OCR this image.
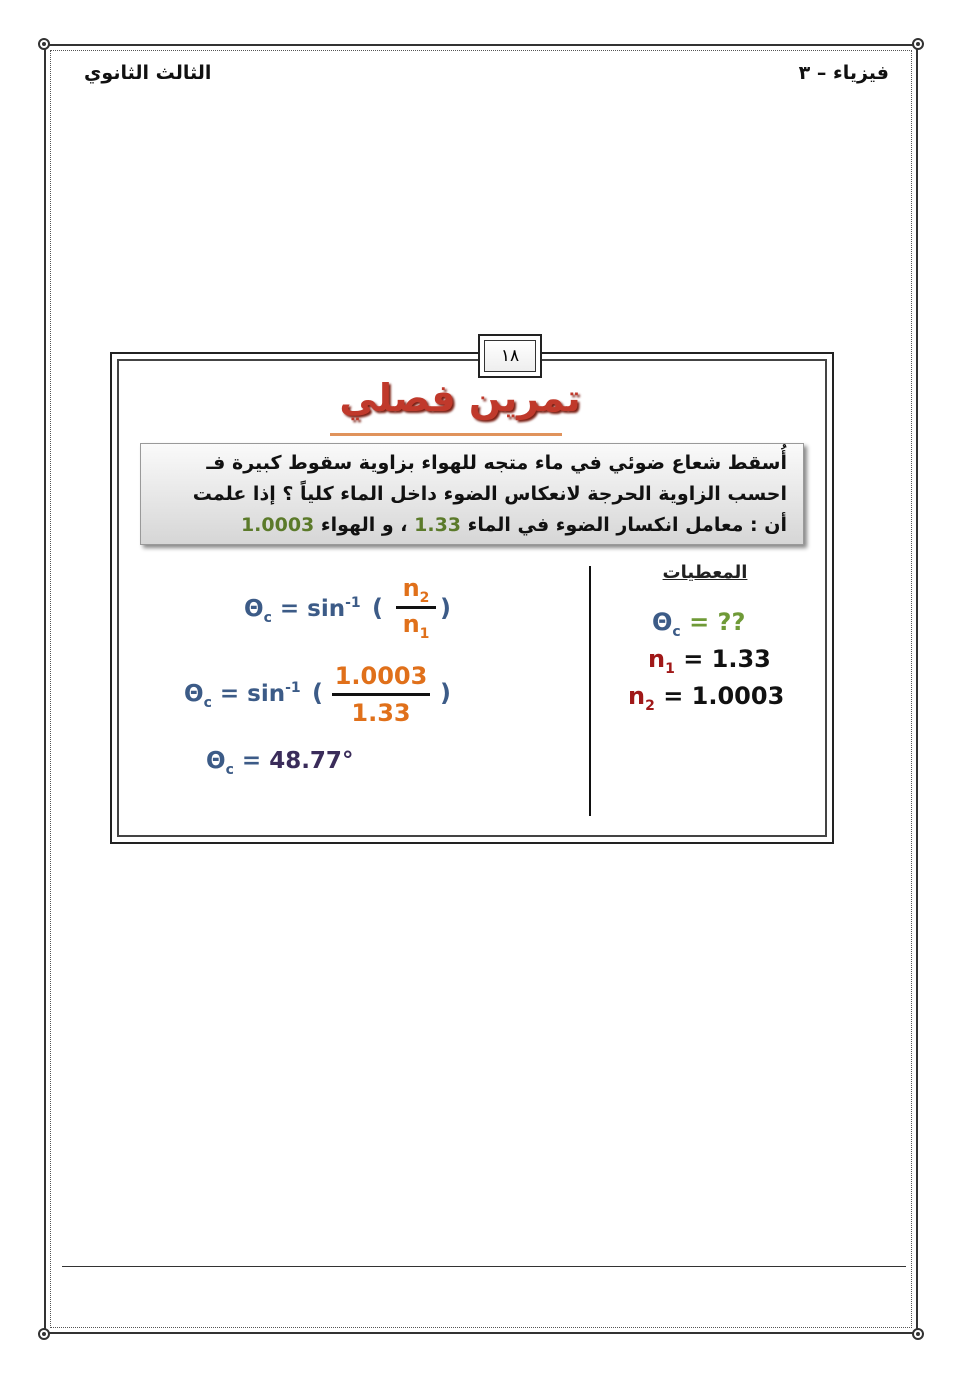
فيزياء – ٣
الثالث الثانوي
١٨
تمرين فصلي
أُسقط شعاع ضوئي في ماء متجه للهواء بزاوية سقوط كبيرة فـ
احسب الزاوية الحرجة لانعكاس الضوء داخل الماء كلياً ؟ إذا علمت
أن : معامل انكسار الضوء في الماء 1.33 ، و الهواء 1.0003
المعطيات
$\Theta_c$ = ??
$n_1 = 1.33$
$n_2 = 1.0003$
$\Theta_c = \sin^{-1}$ (
$n_2$
$n_1$
)
$\Theta_c = \sin^{-1}$ (
1.0003
1.33
)
$\Theta_c = 48.77^\circ$
